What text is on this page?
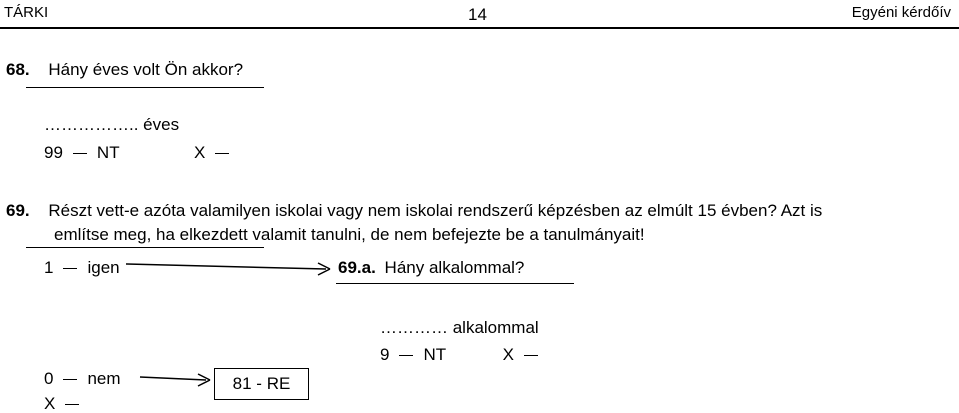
TÁRKI	14	Egyéni kérdőív
68. Hány éves volt Ön akkor?
…………….. éves
99 NT	X
69. Részt vett-e azóta valamilyen iskolai vagy nem iskolai rendszerű képzésben az elmúlt 15 évben? Azt is
említse meg, ha elkezdett valamit tanulni, de nem befejezte be a tanulmányait!
1 igen	69.a. Hány alkalommal?
………… alkalommal
9 NT	X
0 nem	81 - RE
X
